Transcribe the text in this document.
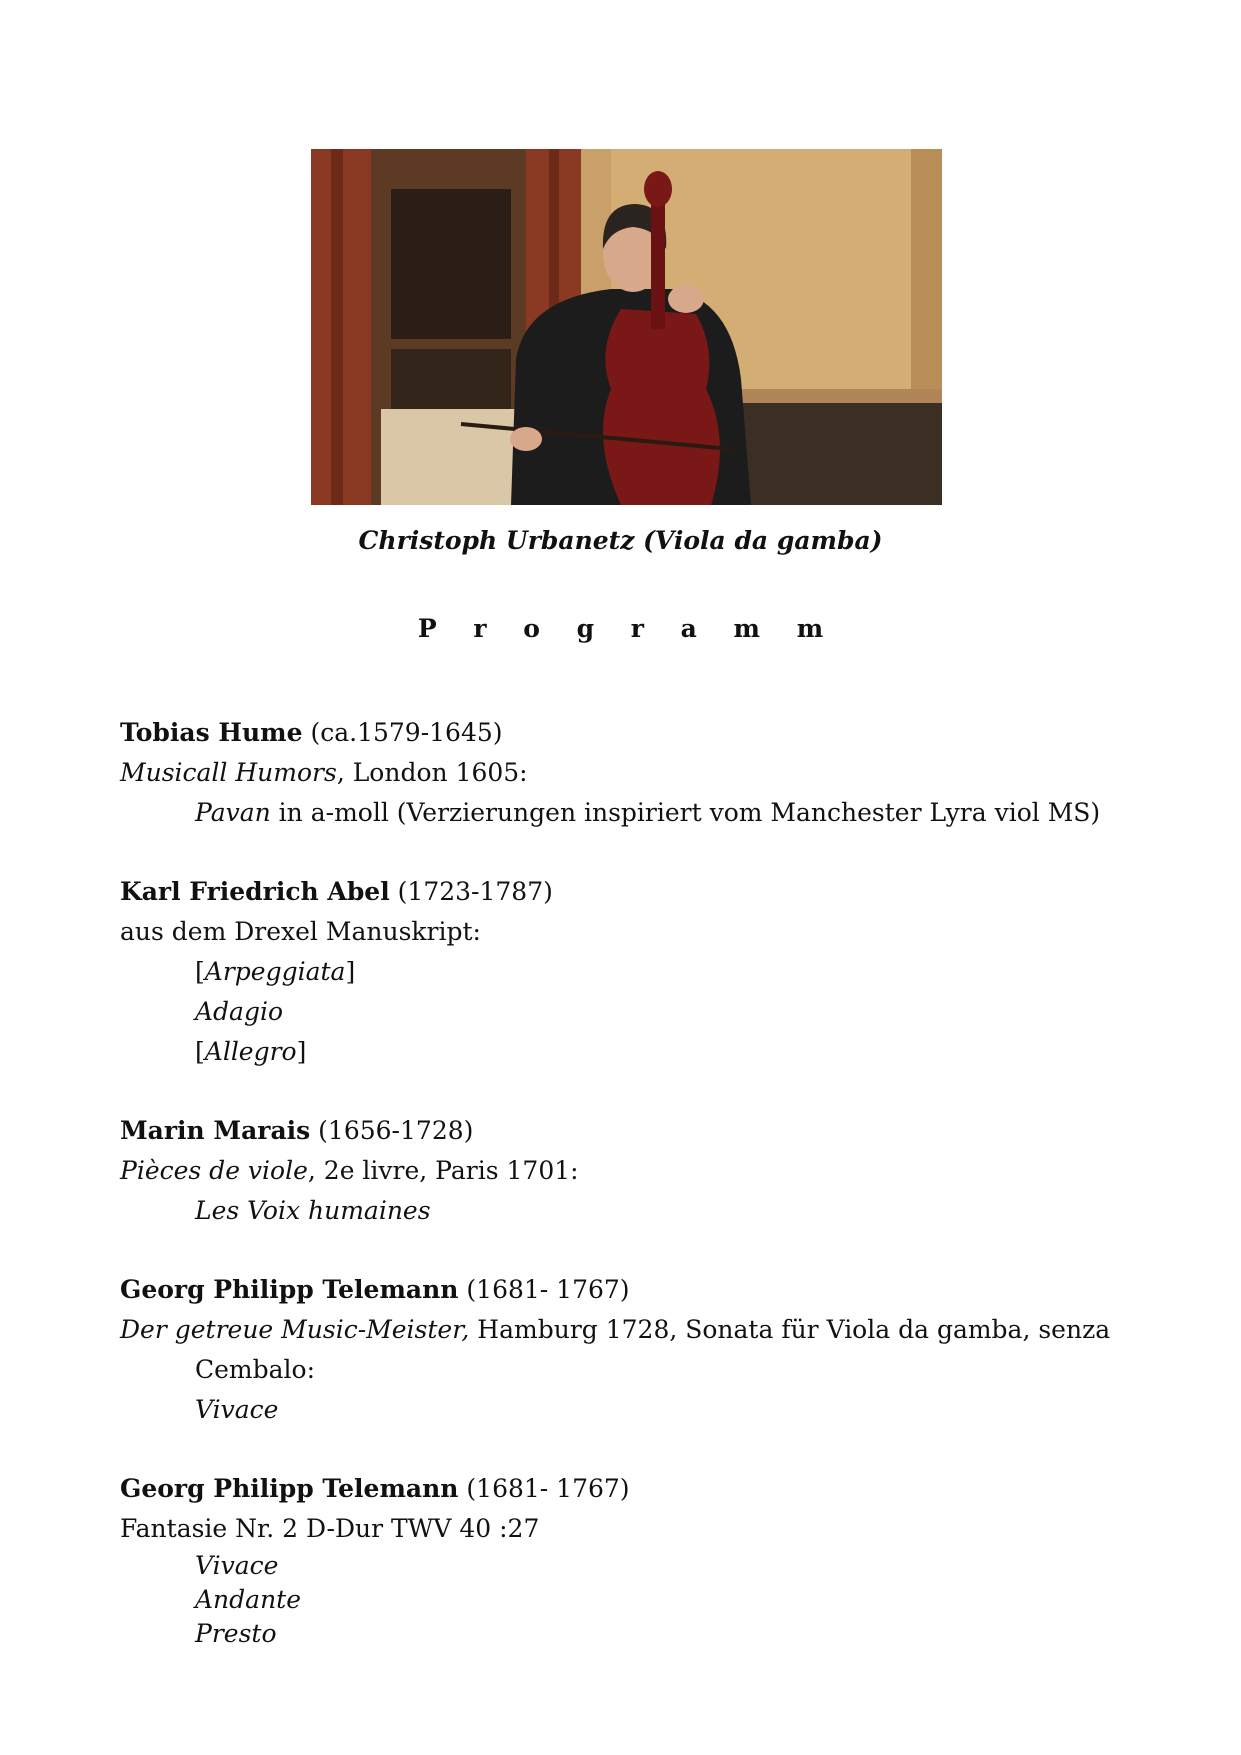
Christoph Urbanetz (Viola da gamba)
P r o g r a m m
Tobias Hume (ca.1579-1645)
Musicall Humors, London 1605:
Pavan in a-moll (Verzierungen inspiriert vom Manchester Lyra viol MS)
Karl Friedrich Abel (1723-1787)
aus dem Drexel Manuskript:
[Arpeggiata]
Adagio
[Allegro]
Marin Marais (1656-1728)
Pièces de viole, 2e livre, Paris 1701:
Les Voix humaines
Georg Philipp Telemann (1681- 1767)
Der getreue Music-Meister, Hamburg 1728, Sonata für Viola da gamba, senza
Cembalo:
Vivace
Georg Philipp Telemann (1681- 1767)
Fantasie Nr. 2 D-Dur TWV 40 :27
Vivace
Andante
Presto
